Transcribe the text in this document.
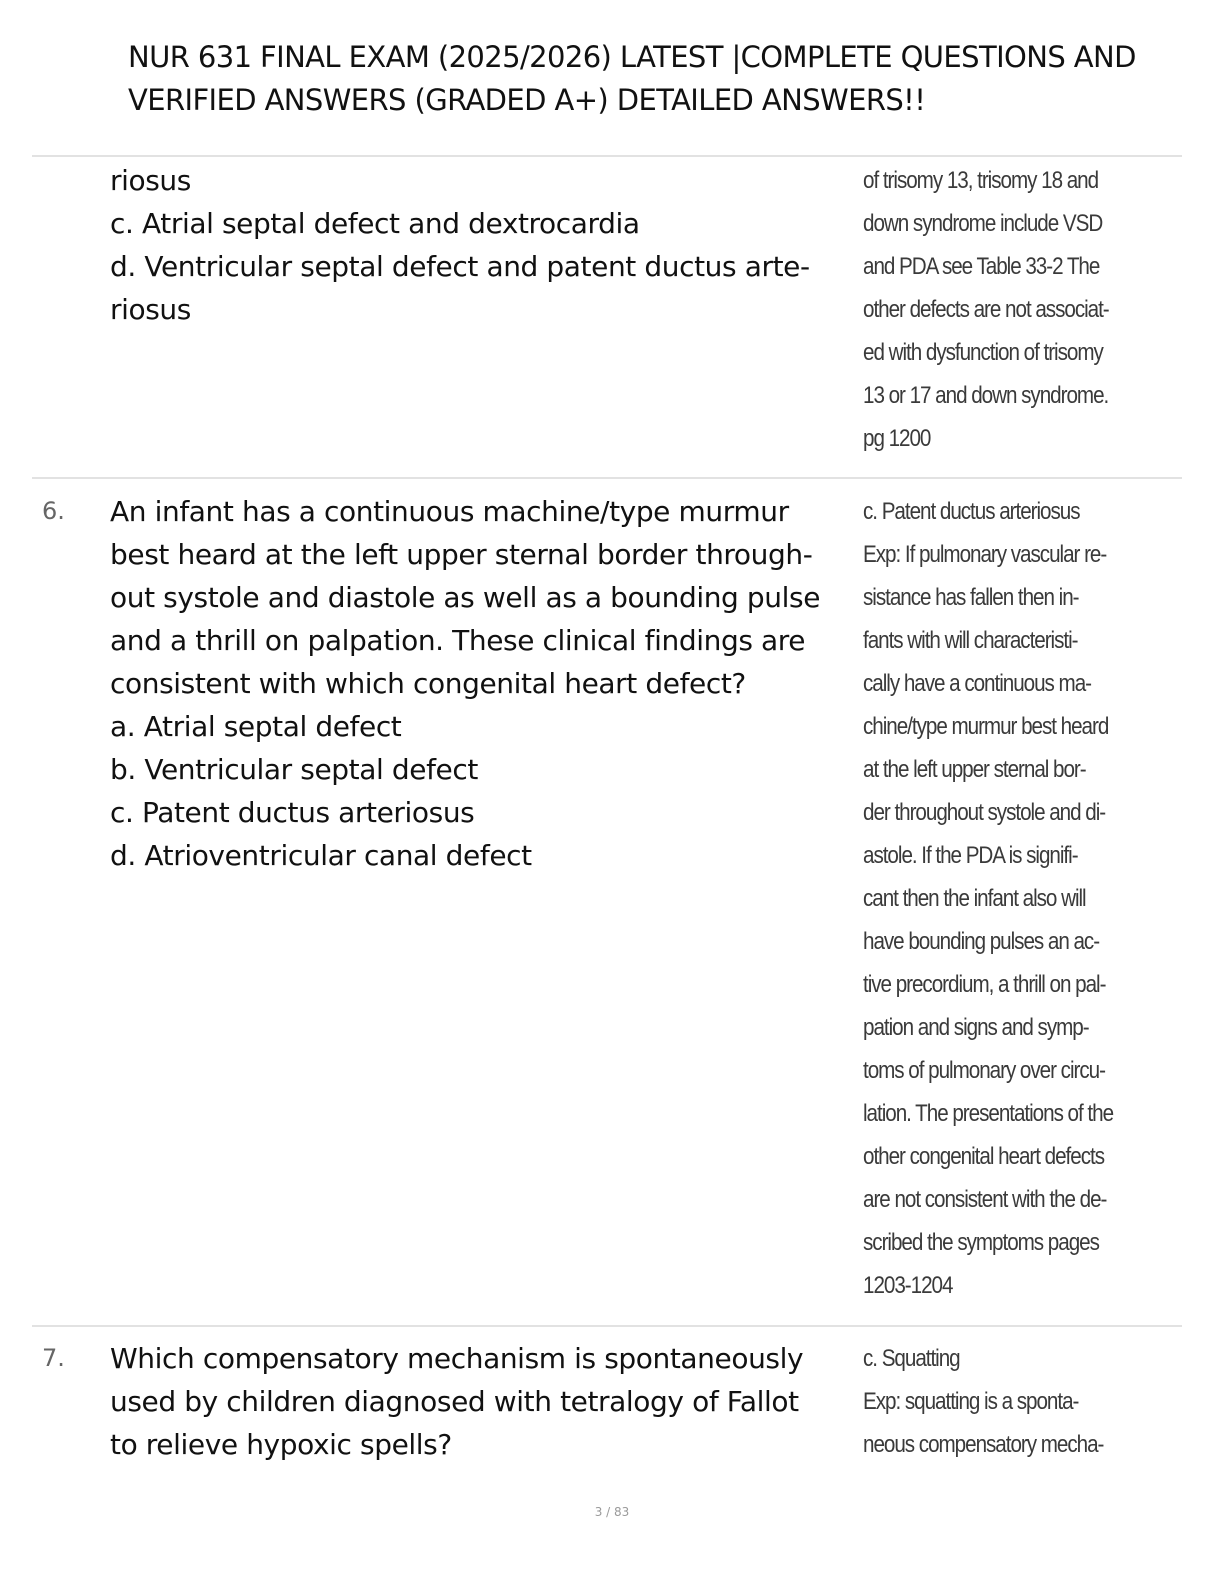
NUR 631 FINAL EXAM (2025/2026) LATEST |COMPLETE QUESTIONS AND
VERIFIED ANSWERS (GRADED A+) DETAILED ANSWERS!!
riosus
c. Atrial septal defect and dextrocardia
d. Ventricular septal defect and patent ductus arte-
riosus
of trisomy 13, trisomy 18 and
down syndrome include VSD
and PDA see Table 33-2 The
other defects are not associat-
ed with dysfunction of trisomy
13 or 17 and down syndrome.
pg 1200
6. An infant has a continuous machine/type murmur
best heard at the left upper sternal border through-
out systole and diastole as well as a bounding pulse
and a thrill on palpation. These clinical findings are
consistent with which congenital heart defect?
a. Atrial septal defect
b. Ventricular septal defect
c. Patent ductus arteriosus
d. Atrioventricular canal defect
c. Patent ductus arteriosus
Exp: If pulmonary vascular re-
sistance has fallen then in-
fants with will characteristi-
cally have a continuous ma-
chine/type murmur best heard
at the left upper sternal bor-
der throughout systole and di-
astole. If the PDA is signifi-
cant then the infant also will
have bounding pulses an ac-
tive precordium, a thrill on pal-
pation and signs and symp-
toms of pulmonary over circu-
lation. The presentations of the
other congenital heart defects
are not consistent with the de-
scribed the symptoms pages
1203-1204
7. Which compensatory mechanism is spontaneously
used by children diagnosed with tetralogy of Fallot
to relieve hypoxic spells?
c. Squatting
Exp: squatting is a sponta-
neous compensatory mecha-
3 / 83
